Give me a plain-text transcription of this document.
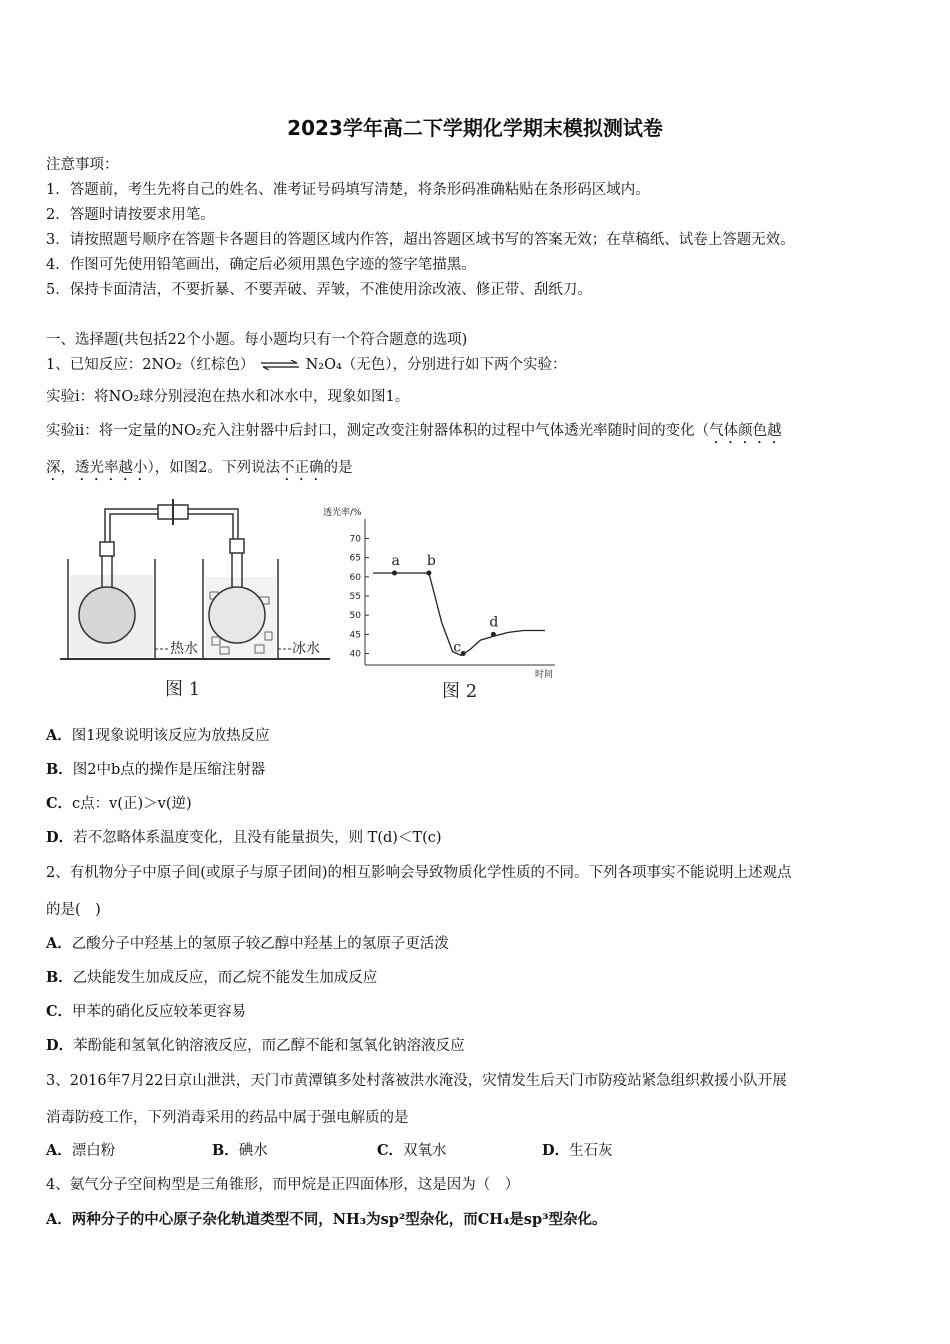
2023学年高二下学期化学期末模拟测试卷
注意事项：
1．答题前，考生先将自己的姓名、准考证号码填写清楚，将条形码准确粘贴在条形码区域内。
2．答题时请按要求用笔。
3．请按照题号顺序在答题卡各题目的答题区域内作答，超出答题区域书写的答案无效；在草稿纸、试卷上答题无效。
4．作图可先使用铅笔画出，确定后必须用黑色字迹的签字笔描黑。
5．保持卡面清洁，不要折暴、不要弄破、弄皱，不准使用涂改液、修正带、刮纸刀。
一、选择题(共包括22个小题。每小题均只有一个符合题意的选项)
1、已知反应：2NO₂（红棕色） ⇌ N₂O₄（无色），分别进行如下两个实验：
实验ⅰ：将NO₂球分别浸泡在热水和冰水中，现象如图1。
实验ⅱ：将一定量的NO₂充入注射器中后封口，测定改变注射器体积的过程中气体透光率随时间的变化（气体颜色越
深，透光率越小），如图2。下列说法不正确的是
热水	冰水
图 1
透光率/%
时间
40
45
50
55
60
65
70
a b
c
d
图 2
A．图1现象说明该反应为放热反应
B．图2中b点的操作是压缩注射器
C．c点：v(正)＞v(逆)
D．若不忽略体系温度变化，且没有能量损失，则 T(d)＜T(c)
2、有机物分子中原子间(或原子与原子团间)的相互影响会导致物质化学性质的不同。下列各项事实不能说明上述观点
的是(　)
A．乙酸分子中羟基上的氢原子较乙醇中羟基上的氢原子更活泼
B．乙炔能发生加成反应，而乙烷不能发生加成反应
C．甲苯的硝化反应较苯更容易
D．苯酚能和氢氧化钠溶液反应，而乙醇不能和氢氧化钠溶液反应
3、2016年7月22日京山泄洪，天门市黄潭镇多处村落被洪水淹没，灾情发生后天门市防疫站紧急组织救援小队开展
消毒防疫工作，下列消毒采用的药品中属于强电解质的是
A．漂白粉	B．碘水	C．双氧水	D．生石灰
4、氨气分子空间构型是三角锥形，而甲烷是正四面体形，这是因为（　）
A．两种分子的中心原子杂化轨道类型不同，NH₃为sp²型杂化，而CH₄是sp³型杂化。
